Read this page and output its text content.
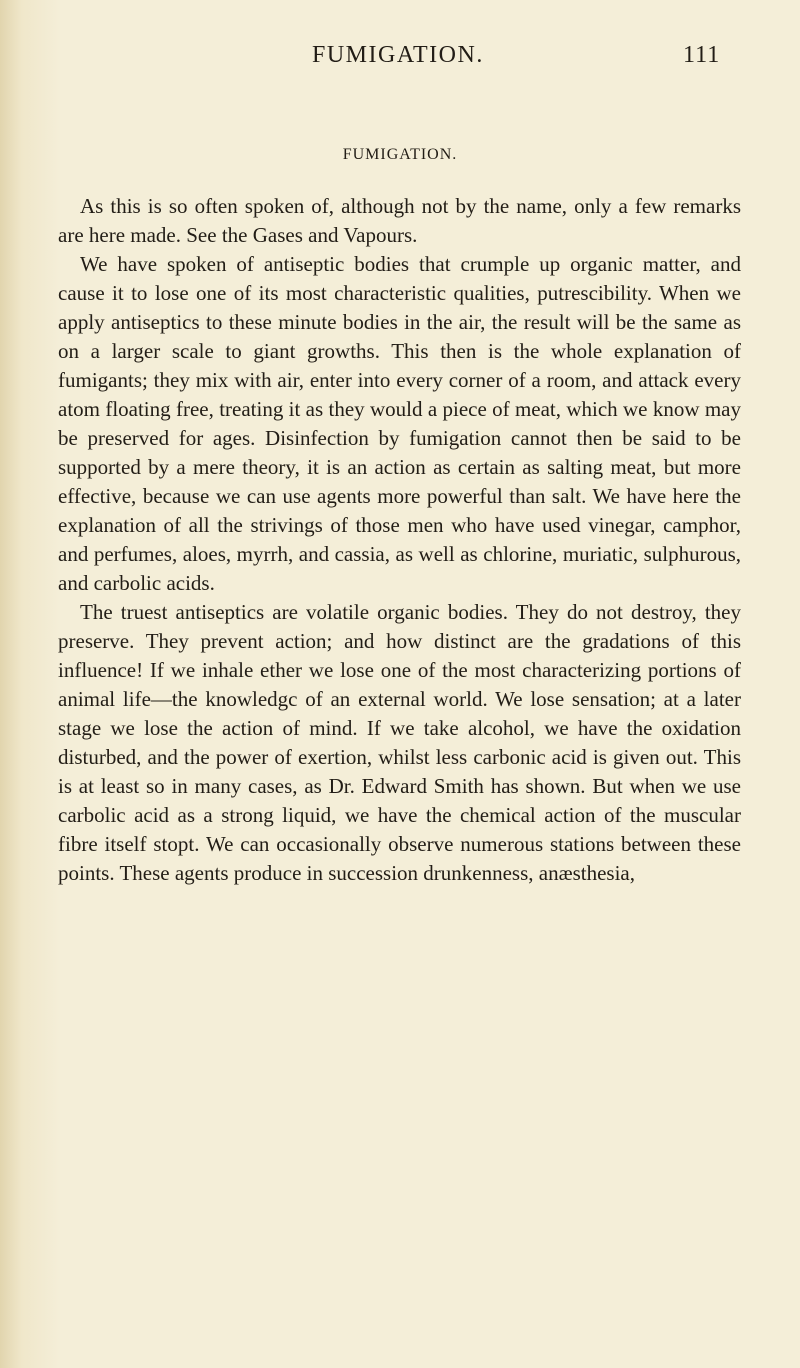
FUMIGATION.	111
FUMIGATION.

As this is so often spoken of, although not by the name, only a few remarks are here made. See the Gases and Vapours.

We have spoken of antiseptic bodies that crumple up organic matter, and cause it to lose one of its most characteristic qualities, putrescibility. When we apply antiseptics to these minute bodies in the air, the result will be the same as on a larger scale to giant growths. This then is the whole explanation of fumigants; they mix with air, enter into every corner of a room, and attack every atom floating free, treating it as they would a piece of meat, which we know may be preserved for ages. Disinfection by fumigation cannot then be said to be supported by a mere theory, it is an action as certain as salting meat, but more effective, because we can use agents more powerful than salt. We have here the explanation of all the strivings of those men who have used vinegar, camphor, and perfumes, aloes, myrrh, and cassia, as well as chlorine, muriatic, sulphurous, and carbolic acids.

The truest antiseptics are volatile organic bodies. They do not destroy, they preserve. They prevent action; and how distinct are the gradations of this influence! If we inhale ether we lose one of the most characterizing portions of animal life—the knowledgc of an external world. We lose sensation; at a later stage we lose the action of mind. If we take alcohol, we have the oxidation disturbed, and the power of exertion, whilst less carbonic acid is given out. This is at least so in many cases, as Dr. Edward Smith has shown. But when we use carbolic acid as a strong liquid, we have the chemical action of the muscular fibre itself stopt. We can occasionally observe numerous stations between these points. These agents produce in succession drunkenness, anæsthesia,
